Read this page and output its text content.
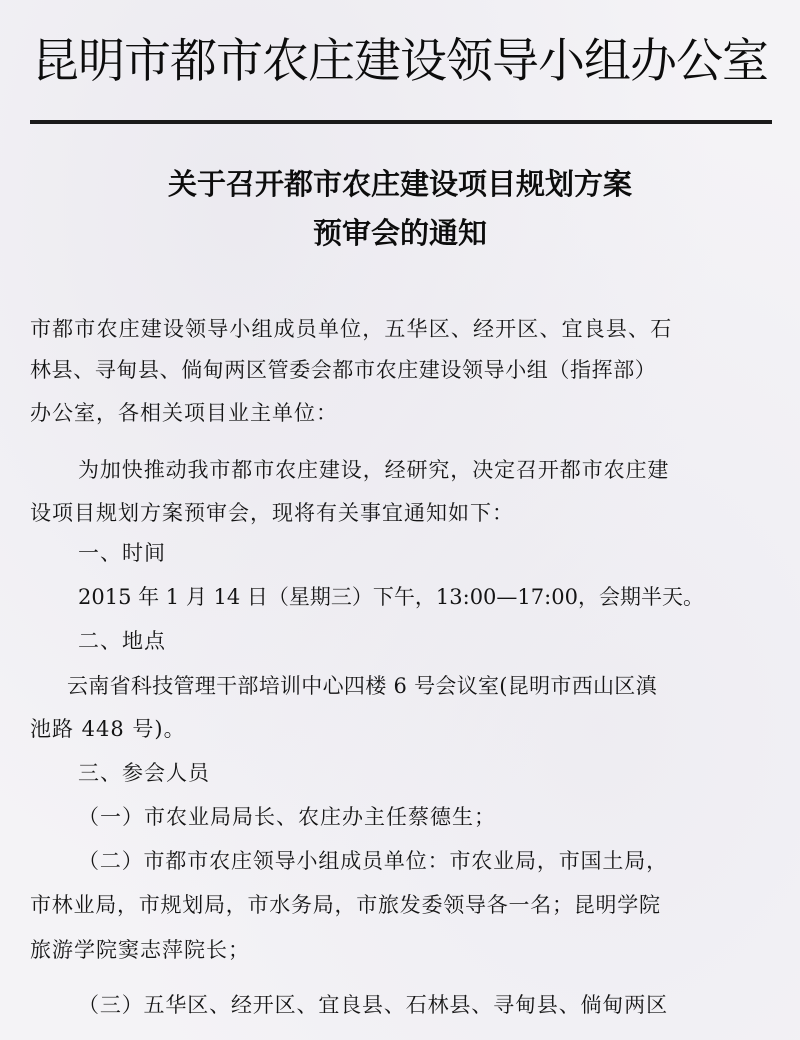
昆明市都市农庄建设领导小组办公室
关于召开都市农庄建设项目规划方案
预审会的通知
市都市农庄建设领导小组成员单位，五华区、经开区、宜良县、石
林县、寻甸县、倘甸两区管委会都市农庄建设领导小组（指挥部）
办公室，各相关项目业主单位：
为加快推动我市都市农庄建设，经研究，决定召开都市农庄建
设项目规划方案预审会，现将有关事宜通知如下：
一、时间
2015 年 1 月 14 日（星期三）下午，13:00—17:00，会期半天。
二、地点
云南省科技管理干部培训中心四楼 6 号会议室(昆明市西山区滇
池路 448 号)。
三、参会人员
（一）市农业局局长、农庄办主任蔡德生；
（二）市都市农庄领导小组成员单位：市农业局，市国土局，
市林业局，市规划局，市水务局，市旅发委领导各一名；昆明学院
旅游学院窦志萍院长；
（三）五华区、经开区、宜良县、石林县、寻甸县、倘甸两区
